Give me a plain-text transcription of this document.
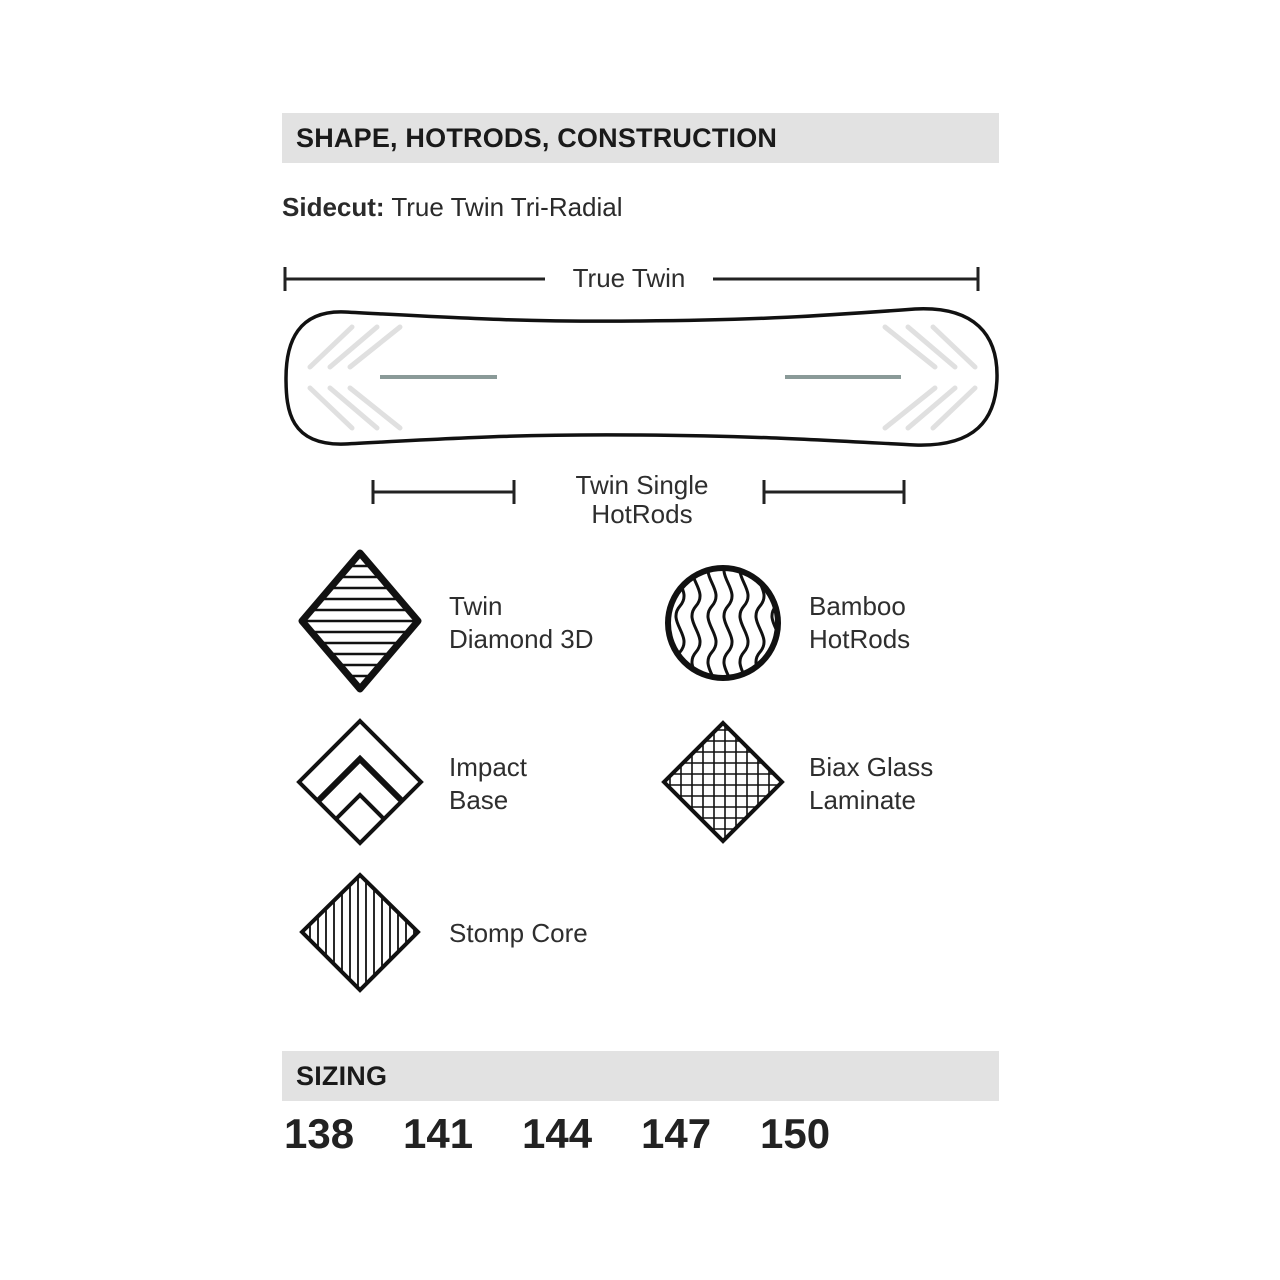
SHAPE, HOTRODS, CONSTRUCTION
Sidecut: True Twin Tri-Radial
True Twin
Twin Single
HotRods
Twin
Diamond 3D
Bamboo
HotRods
Impact
Base
Biax Glass
Laminate
Stomp Core
SIZING
138	141	144	147	150
